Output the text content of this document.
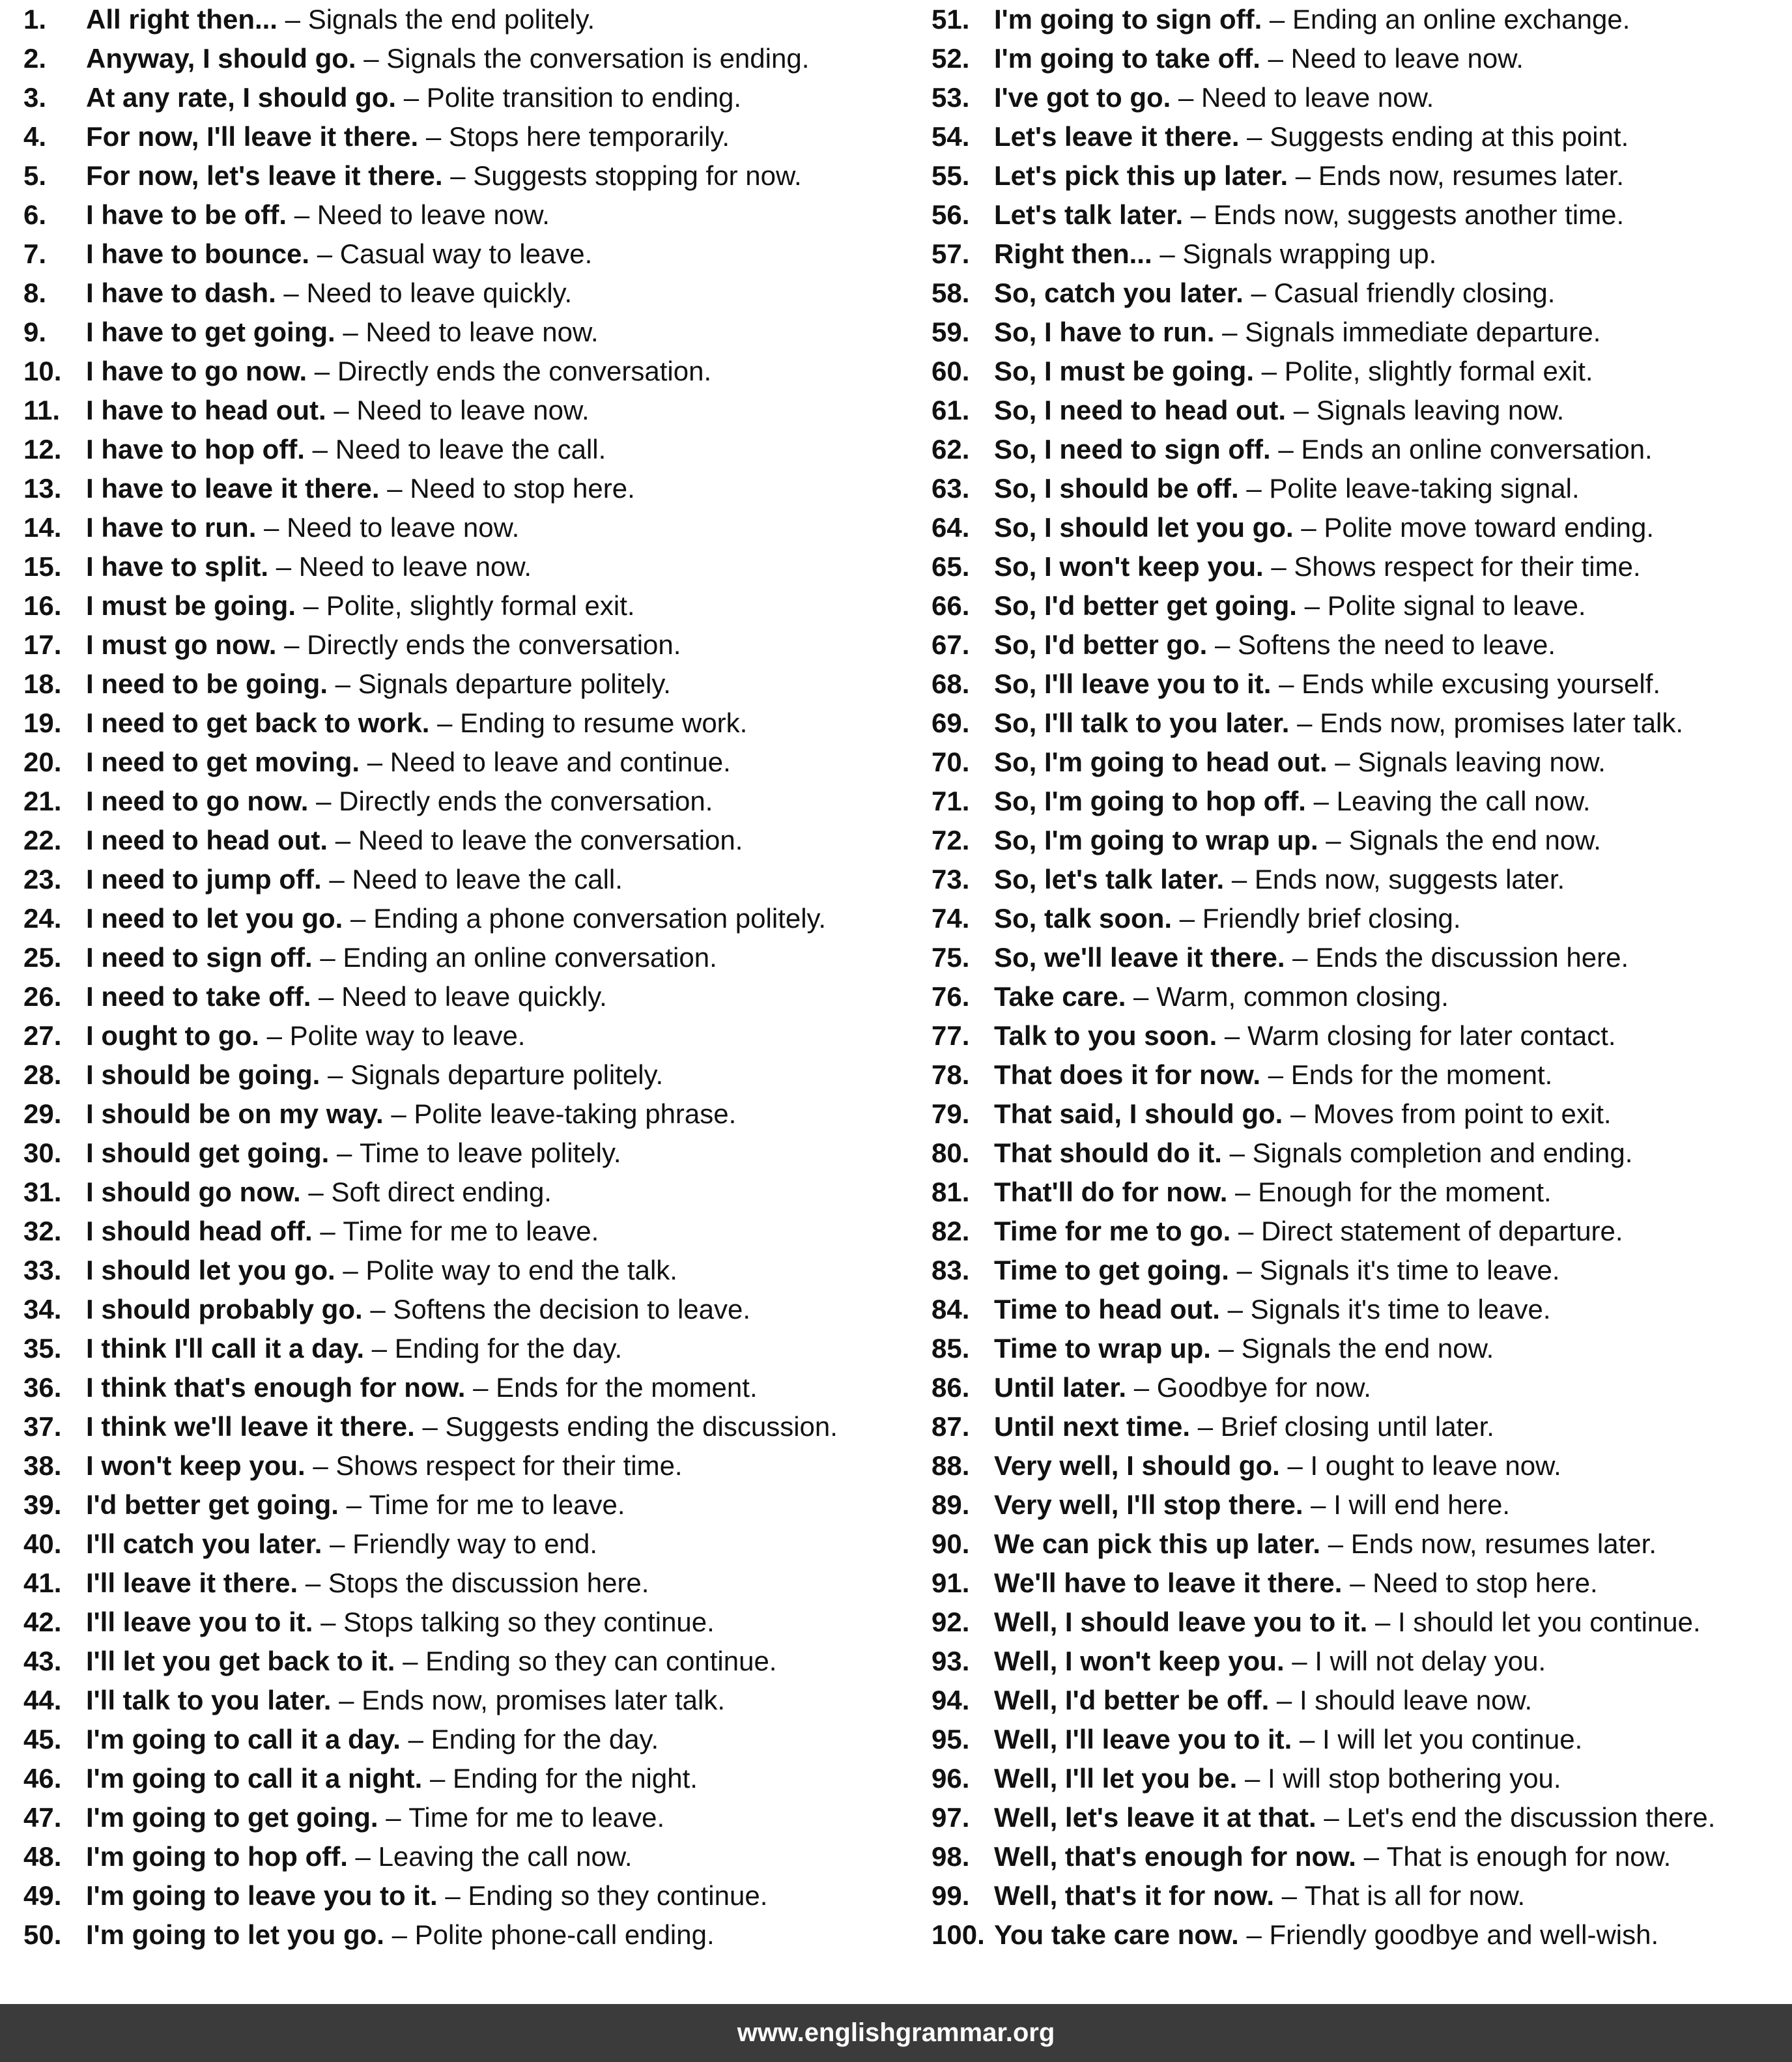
1.	All right then...
–
Signals the end politely.
2.	Anyway, I should go.
–
Signals the conversation is ending.
3.	At any rate, I should go.
–
Polite transition to ending.
4.	For now, I'll leave it there.
–
Stops here temporarily.
5.	For now, let's leave it there.
–
Suggests stopping for now.
6.	I have to be off.
–
Need to leave now.
7.	I have to bounce.
–
Casual way to leave.
8.	I have to dash.
–
Need to leave quickly.
9.	I have to get going.
–
Need to leave now.
10. I have to go now.
–
Directly ends the conversation.
11. I have to head out.
–
Need to leave now.
12. I have to hop off.
–
Need to leave the call.
13. I have to leave it there.
–
Need to stop here.
14. I have to run.
–
Need to leave now.
15. I have to split.
–
Need to leave now.
16. I must be going.
–
Polite, slightly formal exit.
17. I must go now.
–
Directly ends the conversation.
18. I need to be going.
–
Signals departure politely.
19. I need to get back to work.
–
Ending to resume work.
20. I need to get moving.
–
Need to leave and continue.
21. I need to go now.
–
Directly ends the conversation.
22. I need to head out.
–
Need to leave the conversation.
23. I need to jump off.
–
Need to leave the call.
24. I need to let you go.
–
Ending a phone conversation politely.
25. I need to sign off.
–
Ending an online conversation.
26. I need to take off.
–
Need to leave quickly.
27. I ought to go.
–
Polite way to leave.
28. I should be going.
–
Signals departure politely.
29. I should be on my way.
–
Polite leave-taking phrase.
30. I should get going.
–
Time to leave politely.
31. I should go now.
–
Soft direct ending.
32. I should head off.
–
Time for me to leave.
33. I should let you go.
–
Polite way to end the talk.
34. I should probably go.
–
Softens the decision to leave.
35. I think I'll call it a day.
–
Ending for the day.
36. I think that's enough for now.
–
Ends for the moment.
37. I think we'll leave it there.
–
Suggests ending the discussion.
38. I won't keep you.
–
Shows respect for their time.
39. I'd better get going.
–
Time for me to leave.
40. I'll catch you later.
–
Friendly way to end.
41. I'll leave it there.
–
Stops the discussion here.
42. I'll leave you to it.
–
Stops talking so they continue.
43. I'll let you get back to it.
–
Ending so they can continue.
44. I'll talk to you later.
–
Ends now, promises later talk.
45. I'm going to call it a day.
–
Ending for the day.
46. I'm going to call it a night.
–
Ending for the night.
47. I'm going to get going.
–
Time for me to leave.
48. I'm going to hop off.
–
Leaving the call now.
49. I'm going to leave you to it.
–
Ending so they continue.
50. I'm going to let you go.
–
Polite phone-call ending.
51. I'm going to sign off.
–
Ending an online exchange.
52. I'm going to take off.
–
Need to leave now.
53. I've got to go.
–
Need to leave now.
54. Let's leave it there.
–
Suggests ending at this point.
55. Let's pick this up later.
–
Ends now, resumes later.
56. Let's talk later.
–
Ends now, suggests another time.
57. Right then...
–
Signals wrapping up.
58. So, catch you later.
–
Casual friendly closing.
59. So, I have to run.
–
Signals immediate departure.
60. So, I must be going.
–
Polite, slightly formal exit.
61. So, I need to head out.
–
Signals leaving now.
62. So, I need to sign off.
–
Ends an online conversation.
63. So, I should be off.
–
Polite leave-taking signal.
64. So, I should let you go.
–
Polite move toward ending.
65. So, I won't keep you.
–
Shows respect for their time.
66. So, I'd better get going.
–
Polite signal to leave.
67. So, I'd better go.
–
Softens the need to leave.
68. So, I'll leave you to it.
–
Ends while excusing yourself.
69. So, I'll talk to you later.
–
Ends now, promises later talk.
70. So, I'm going to head out.
–
Signals leaving now.
71. So, I'm going to hop off.
–
Leaving the call now.
72. So, I'm going to wrap up.
–
Signals the end now.
73. So, let's talk later.
–
Ends now, suggests later.
74. So, talk soon.
–
Friendly brief closing.
75. So, we'll leave it there.
–
Ends the discussion here.
76. Take care.
–
Warm, common closing.
77. Talk to you soon.
–
Warm closing for later contact.
78. That does it for now.
–
Ends for the moment.
79. That said, I should go.
–
Moves from point to exit.
80. That should do it.
–
Signals completion and ending.
81. That'll do for now.
–
Enough for the moment.
82. Time for me to go.
–
Direct statement of departure.
83. Time to get going.
–
Signals it's time to leave.
84. Time to head out.
–
Signals it's time to leave.
85. Time to wrap up.
–
Signals the end now.
86. Until later.
–
Goodbye for now.
87. Until next time.
–
Brief closing until later.
88. Very well, I should go.
–
I ought to leave now.
89. Very well, I'll stop there.
–
I will end here.
90. We can pick this up later.
–
Ends now, resumes later.
91. We'll have to leave it there.
–
Need to stop here.
92. Well, I should leave you to it.
–
I should let you continue.
93. Well, I won't keep you.
–
I will not delay you.
94. Well, I'd better be off.
–
I should leave now.
95. Well, I'll leave you to it.
–
I will let you continue.
96. Well, I'll let you be.
–
I will stop bothering you.
97. Well, let's leave it at that.
–
Let's end the discussion there.
98. Well, that's enough for now.
–
That is enough for now.
99. Well, that's it for now.
–
That is all for now.
100. You take care now.
–
Friendly goodbye and well-wish.
www.englishgrammar.org
